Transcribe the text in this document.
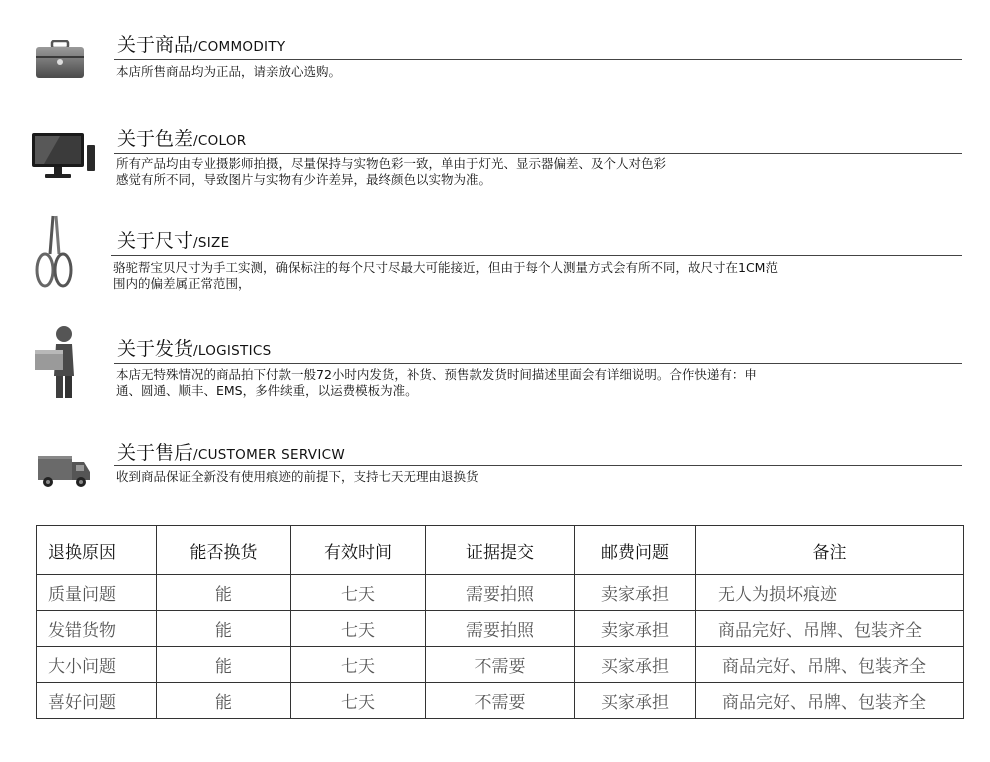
关于商品/COMMODITY
本店所售商品均为正品，请亲放心选购。
关于色差/COLOR
所有产品均由专业摄影师拍摄，尽量保持与实物色彩一致，单由于灯光、显示器偏差、及个人对色彩
感觉有所不同，导致图片与实物有少许差异，最终颜色以实物为准。
关于尺寸/SIZE
骆驼帮宝贝尺寸为手工实测，确保标注的每个尺寸尽最大可能接近，但由于每个人测量方式会有所不同，故尺寸在1CM范
围内的偏差属正常范围，
关于发货/LOGISTICS
本店无特殊情况的商品拍下付款一般72小时内发货，补货、预售款发货时间描述里面会有详细说明。合作快递有：申
通、圆通、顺丰、EMS，多件续重，以运费模板为准。
关于售后/CUSTOMER SERVICW
收到商品保证全新没有使用痕迹的前提下，支持七天无理由退换货
退换原因	能否换货	有效时间	证据提交	邮费问题	备注
质量问题	能	七天	需要拍照	卖家承担	无人为损坏痕迹
发错货物	能	七天	需要拍照	卖家承担	商品完好、吊牌、包装齐全
大小问题	能	七天	不需要	买家承担	商品完好、吊牌、包装齐全
喜好问题	能	七天	不需要	买家承担	商品完好、吊牌、包装齐全
